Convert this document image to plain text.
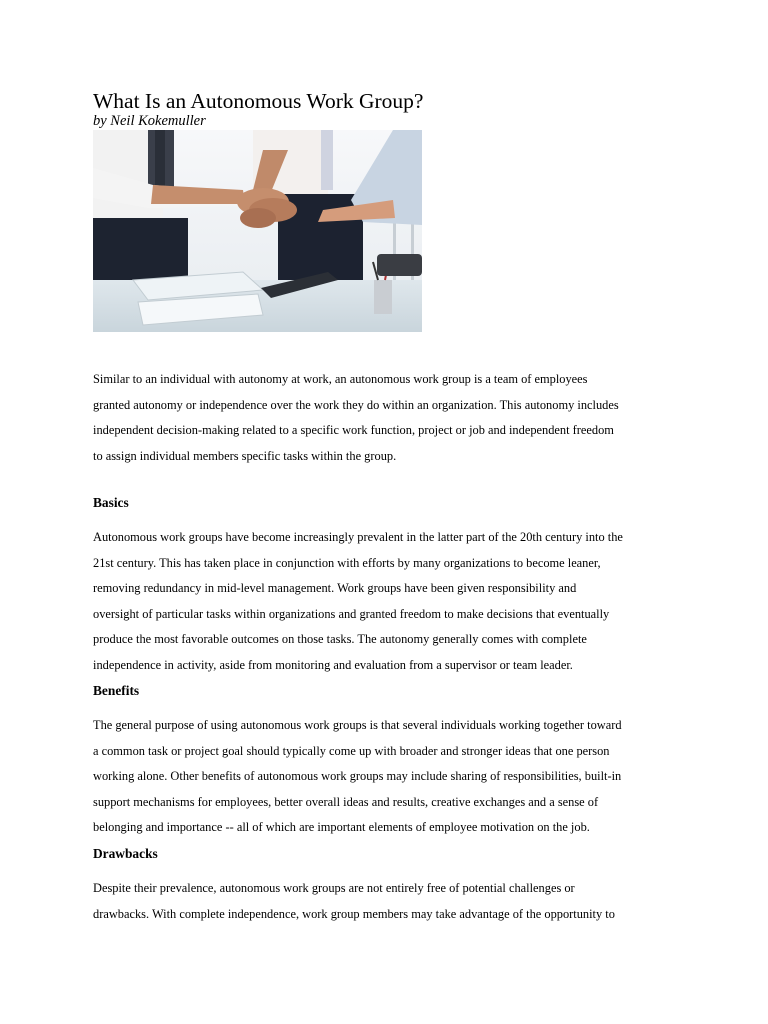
What Is an Autonomous Work Group?

by Neil Kokemuller

Similar to an individual with autonomy at work, an autonomous work group is a team of employees
granted autonomy or independence over the work they do within an organization. This autonomy includes
independent decision-making related to a specific work function, project or job and independent freedom
to assign individual members specific tasks within the group.

Basics

Autonomous work groups have become increasingly prevalent in the latter part of the 20th century into the
21st century. This has taken place in conjunction with efforts by many organizations to become leaner,
removing redundancy in mid-level management. Work groups have been given responsibility and
oversight of particular tasks within organizations and granted freedom to make decisions that eventually
produce the most favorable outcomes on those tasks. The autonomy generally comes with complete
independence in activity, aside from monitoring and evaluation from a supervisor or team leader.

Benefits

The general purpose of using autonomous work groups is that several individuals working together toward
a common task or project goal should typically come up with broader and stronger ideas that one person
working alone. Other benefits of autonomous work groups may include sharing of responsibilities, built-in
support mechanisms for employees, better overall ideas and results, creative exchanges and a sense of
belonging and importance -- all of which are important elements of employee motivation on the job.

Drawbacks

Despite their prevalence, autonomous work groups are not entirely free of potential challenges or
drawbacks. With complete independence, work group members may take advantage of the opportunity to
